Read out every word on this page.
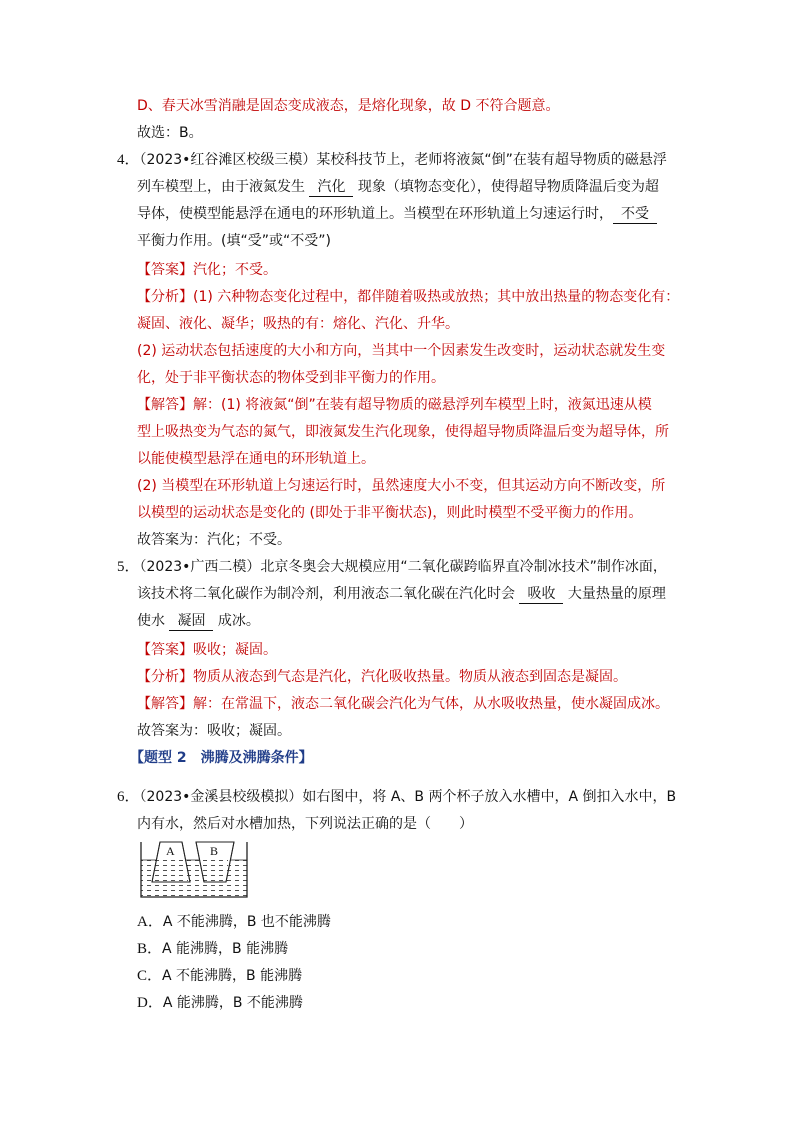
D、春天冰雪消融是固态变成液态，是熔化现象，故 D 不符合题意。
故选：B。
4．（2023•红谷滩区校级三模）某校科技节上，老师将液氮“倒”在装有超导物质的磁悬浮
列车模型上，由于液氮发生 汽化 现象（填物态变化），使得超导物质降温后变为超
导体，使模型能悬浮在通电的环形轨道上。当模型在环形轨道上匀速运行时， 不受
平衡力作用。(填“受”或“不受”)
【答案】汽化；不受。
【分析】(1) 六种物态变化过程中，都伴随着吸热或放热；其中放出热量的物态变化有：
凝固、液化、凝华；吸热的有：熔化、汽化、升华。
(2) 运动状态包括速度的大小和方向，当其中一个因素发生改变时，运动状态就发生变
化，处于非平衡状态的物体受到非平衡力的作用。
【解答】解：(1) 将液氮“倒”在装有超导物质的磁悬浮列车模型上时，液氮迅速从模
型上吸热变为气态的氮气，即液氮发生汽化现象，使得超导物质降温后变为超导体，所
以能使模型悬浮在通电的环形轨道上。
(2) 当模型在环形轨道上匀速运行时，虽然速度大小不变，但其运动方向不断改变，所
以模型的运动状态是变化的 (即处于非平衡状态)，则此时模型不受平衡力的作用。
故答案为：汽化；不受。
5．（2023•广西二模）北京冬奥会大规模应用“二氧化碳跨临界直冷制冰技术”制作冰面，
该技术将二氧化碳作为制冷剂，利用液态二氧化碳在汽化时会 吸收 大量热量的原理
使水 凝固 成冰。
【答案】吸收；凝固。
【分析】物质从液态到气态是汽化，汽化吸收热量。物质从液态到固态是凝固。
【解答】解：在常温下，液态二氧化碳会汽化为气体，从水吸收热量，使水凝固成冰。
故答案为：吸收；凝固。
【题型 2　沸腾及沸腾条件】
6．（2023•金溪县校级模拟）如右图中，将 A、B 两个杯子放入水槽中，A 倒扣入水中，B
内有水，然后对水槽加热，下列说法正确的是（　　）
A	B
A．A 不能沸腾，B 也不能沸腾
B．A 能沸腾，B 能沸腾
C．A 不能沸腾，B 能沸腾
D．A 能沸腾，B 不能沸腾
